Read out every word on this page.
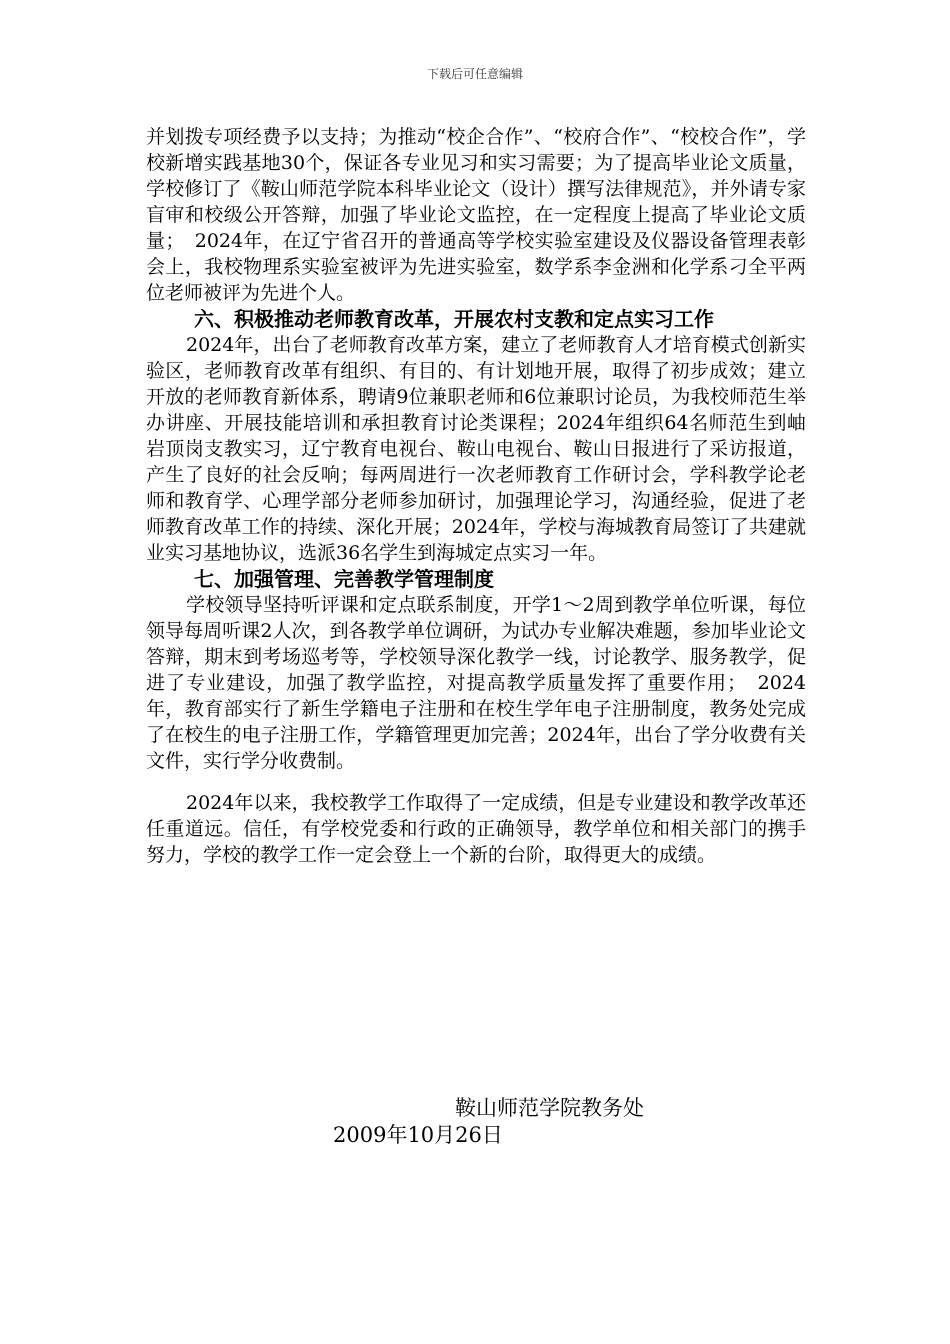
下载后可任意编辑

并划拨专项经费予以支持；为推动“校企合作”、“校府合作”、“校校合作”，学校新增实践基地30个，保证各专业见习和实习需要；为了提高毕业论文质量，学校修订了《鞍山师范学院本科毕业论文（设计）撰写法律规范》，并外请专家盲审和校级公开答辩，加强了毕业论文监控，在一定程度上提高了毕业论文质量；　2024年，在辽宁省召开的普通高等学校实验室建设及仪器设备管理表彰会上，我校物理系实验室被评为先进实验室，数学系李金洲和化学系刁全平两位老师被评为先进个人。

六、积极推动老师教育改革，开展农村支教和定点实习工作

2024年，出台了老师教育改革方案，建立了老师教育人才培育模式创新实验区，老师教育改革有组织、有目的、有计划地开展，取得了初步成效；建立开放的老师教育新体系，聘请9位兼职老师和6位兼职讨论员，为我校师范生举办讲座、开展技能培训和承担教育讨论类课程；2024年组织64名师范生到岫岩顶岗支教实习，辽宁教育电视台、鞍山电视台、鞍山日报进行了采访报道，产生了良好的社会反响；每两周进行一次老师教育工作研讨会，学科教学论老师和教育学、心理学部分老师参加研讨，加强理论学习，沟通经验，促进了老师教育改革工作的持续、深化开展；2024年，学校与海城教育局签订了共建就业实习基地协议，选派36名学生到海城定点实习一年。

七、加强管理、完善教学管理制度

学校领导坚持听评课和定点联系制度，开学1～2周到教学单位听课，每位领导每周听课2人次，到各教学单位调研，为试办专业解决难题，参加毕业论文答辩，期末到考场巡考等，学校领导深化教学一线，讨论教学、服务教学，促进了专业建设，加强了教学监控，对提高教学质量发挥了重要作用；　2024年，教育部实行了新生学籍电子注册和在校生学年电子注册制度，教务处完成了在校生的电子注册工作，学籍管理更加完善；2024年，出台了学分收费有关文件，实行学分收费制。

2024年以来，我校教学工作取得了一定成绩，但是专业建设和教学改革还任重道远。信任，有学校党委和行政的正确领导，教学单位和相关部门的携手努力，学校的教学工作一定会登上一个新的台阶，取得更大的成绩。

鞍山师范学院教务处
2009年10月26日
